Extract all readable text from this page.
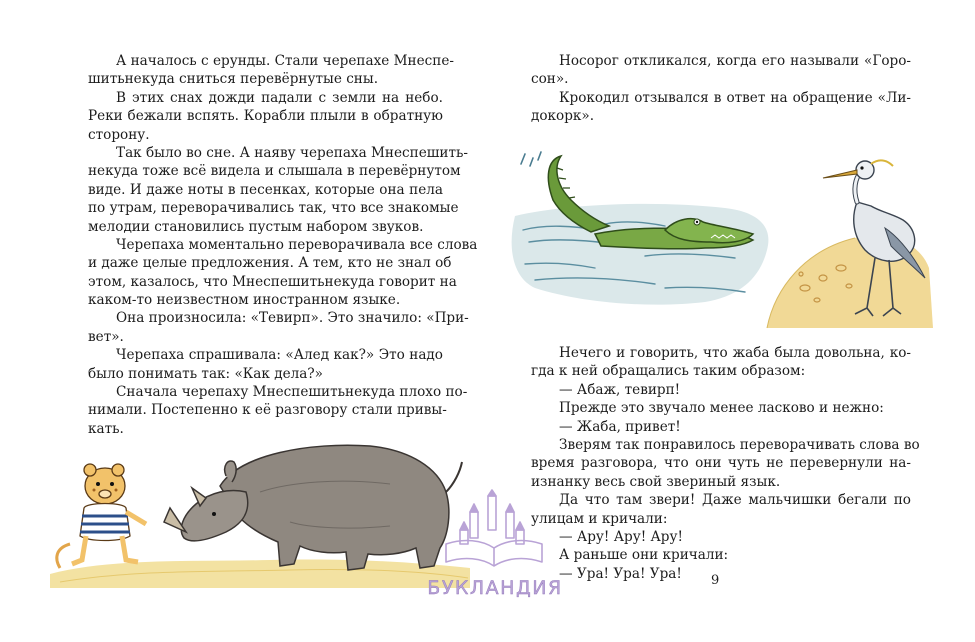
А началось с ерунды. Стали черепахе Мнеспе-
шитьнекуда сниться перевёрнутые сны.

В этих снах дожди падали с земли на небо.
Реки бежали вспять. Корабли плыли в обратную
сторону.

Так было во сне. А наяву черепаха Мнеспешить-
некуда тоже всё видела и слышала в перевёрнутом
виде. И даже ноты в песенках, которые она пела
по утрам, переворачивались так, что все знакомые
мелодии становились пустым набором звуков.

Черепаха моментально переворачивала все слова
и даже целые предложения. А тем, кто не знал об
этом, казалось, что Мнеспешитьнекуда говорит на
каком-то неизвестном иностранном языке.

Она произносила: «Тевирп». Это значило: «При-
вет».

Черепаха спрашивала: «Алед как?» Это надо
было понимать так: «Как дела?»

Сначала черепаху Мнеспешитьнекуда плохо по-
нимали. Постепенно к её разговору стали привы-
кать.

Носорог откликался, когда его называли «Горо-
сон».

Крокодил отзывался в ответ на обращение «Ли-
докорк».

Нечего и говорить, что жаба была довольна, ко-
гда к ней обращались таким образом:

— Абаж, тевирп!

Прежде это звучало менее ласково и нежно:

— Жаба, привет!

Зверям так понравилось переворачивать слова во
время разговора, что они чуть не перевернули на-
изнанку весь свой звериный язык.

Да что там звери! Даже мальчишки бегали по
улицам и кричали:

— Ару! Ару! Ару!

А раньше они кричали:

— Ура! Ура! Ура!

БУКЛАНДИЯ	9
